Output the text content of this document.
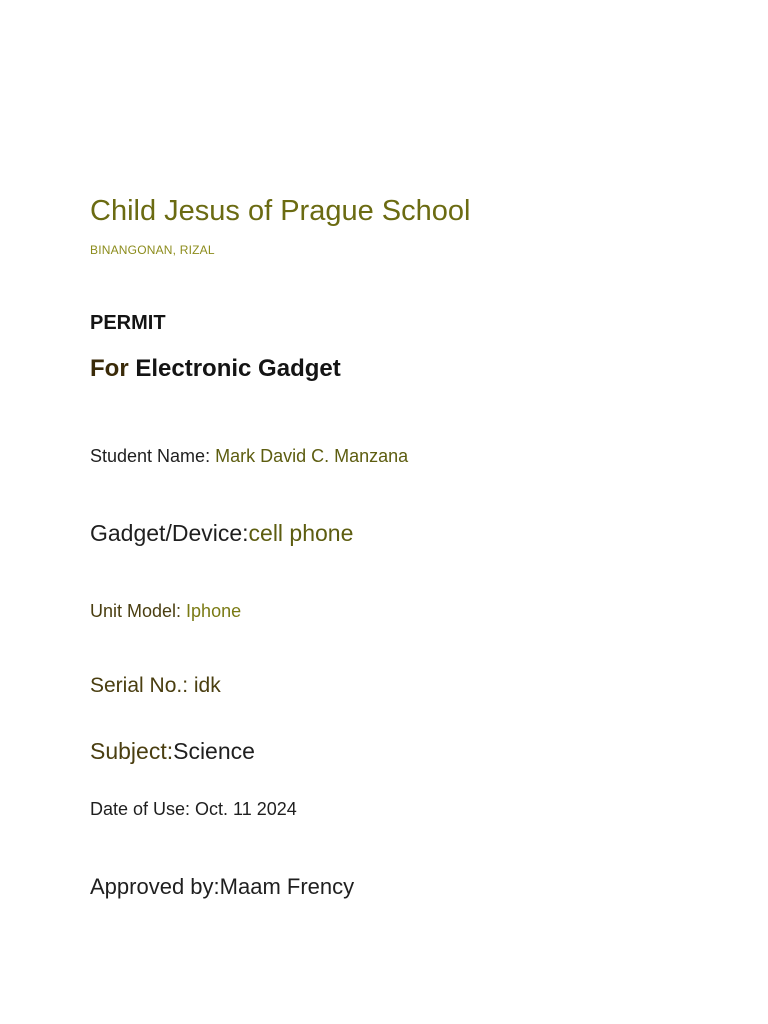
Child Jesus of Prague School
BINANGONAN, RIZAL
PERMIT
For Electronic Gadget
Student Name: Mark David C. Manzana
Gadget/Device:cell phone
Unit Model: Iphone
Serial No.: idk
Subject:Science
Date of Use: Oct. 11 2024
Approved by:Maam Frency
